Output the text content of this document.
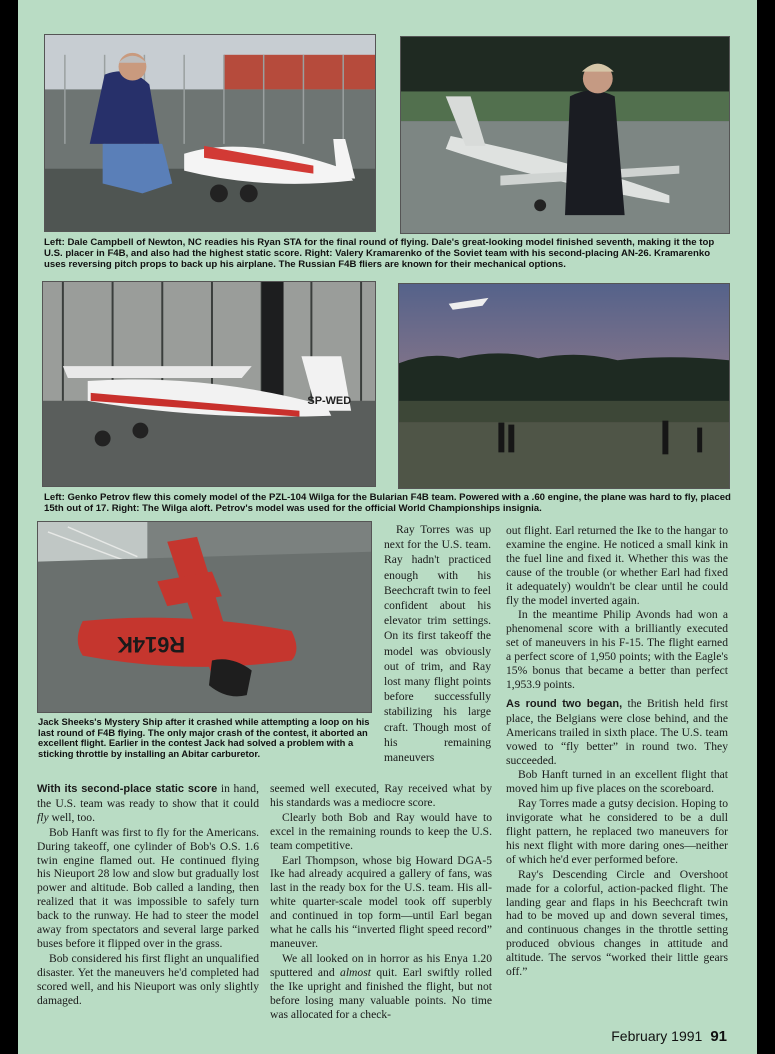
Left: Dale Campbell of Newton, NC readies his Ryan STA for the final round of flying. Dale's great-looking model finished seventh, making it the top U.S. placer in F4B, and also had the highest static score. Right: Valery Kramarenko of the Soviet team with his second-placing AN-26. Kramarenko uses reversing pitch props to back up his airplane. The Russian F4B fliers are known for their mechanical options.
SP-WED
Left: Genko Petrov flew this comely model of the PZL-104 Wilga for the Bularian F4B team. Powered with a .60 engine, the plane was hard to fly, placed 15th out of 17. Right: The Wilga aloft. Petrov's model was used for the official World Championships insignia.
R614K
Jack Sheeks's Mystery Ship after it crashed while attempting a loop on his last round of F4B flying. The only major crash of the contest, it aborted an excellent flight. Earlier in the contest Jack had solved a problem with a sticking throttle by installing an Abitar carburetor.

Ray Torres was up next for the U.S. team. Ray hadn't practiced enough with his Beechcraft twin to feel confident about his elevator trim settings. On its first takeoff the model was obviously out of trim, and Ray lost many flight points before successfully stabilizing his large craft. Though most of his remaining maneuvers

With its second-place static score in hand, the U.S. team was ready to show that it could fly well, too.

Bob Hanft was first to fly for the Americans. During takeoff, one cylinder of Bob's O.S. 1.6 twin engine flamed out. He continued flying his Nieuport 28 low and slow but gradually lost power and altitude. Bob called a landing, then realized that it was impossible to safely turn back to the runway. He had to steer the model away from spectators and several large parked buses before it flipped over in the grass.

Bob considered his first flight an unqualified disaster. Yet the maneuvers he'd completed had scored well, and his Nieuport was only slightly damaged.

seemed well executed, Ray received what by his standards was a mediocre score.

Clearly both Bob and Ray would have to excel in the remaining rounds to keep the U.S. team competitive.

Earl Thompson, whose big Howard DGA-5 Ike had already acquired a gallery of fans, was last in the ready box for the U.S. team. His all-white quarter-scale model took off superbly and continued in top form—until Earl began what he calls his “inverted flight speed record” maneuver.

We all looked on in horror as his Enya 1.20 sputtered and almost quit. Earl swiftly rolled the Ike upright and finished the flight, but not before losing many valuable points. No time was allocated for a check-

out flight. Earl returned the Ike to the hangar to examine the engine. He noticed a small kink in the fuel line and fixed it. Whether this was the cause of the trouble (or whether Earl had fixed it adequately) wouldn't be clear until he could fly the model inverted again.

In the meantime Philip Avonds had won a phenomenal score with a brilliantly executed set of maneuvers in his F-15. The flight earned a perfect score of 1,950 points; with the Eagle's 15% bonus that became a better than perfect 1,953.9 points.

As round two began, the British held first place, the Belgians were close behind, and the Americans trailed in sixth place. The U.S. team vowed to “fly better” in round two. They succeeded.

Bob Hanft turned in an excellent flight that moved him up five places on the scoreboard.

Ray Torres made a gutsy decision. Hoping to invigorate what he considered to be a dull flight pattern, he replaced two maneuvers for his next flight with more daring ones—neither of which he'd ever performed before.

Ray's Descending Circle and Overshoot made for a colorful, action-packed flight. The landing gear and flaps in his Beechcraft twin had to be moved up and down several times, and continuous changes in the throttle setting produced obvious changes in attitude and altitude. The servos “worked their little gears off.”

February 1991 91
